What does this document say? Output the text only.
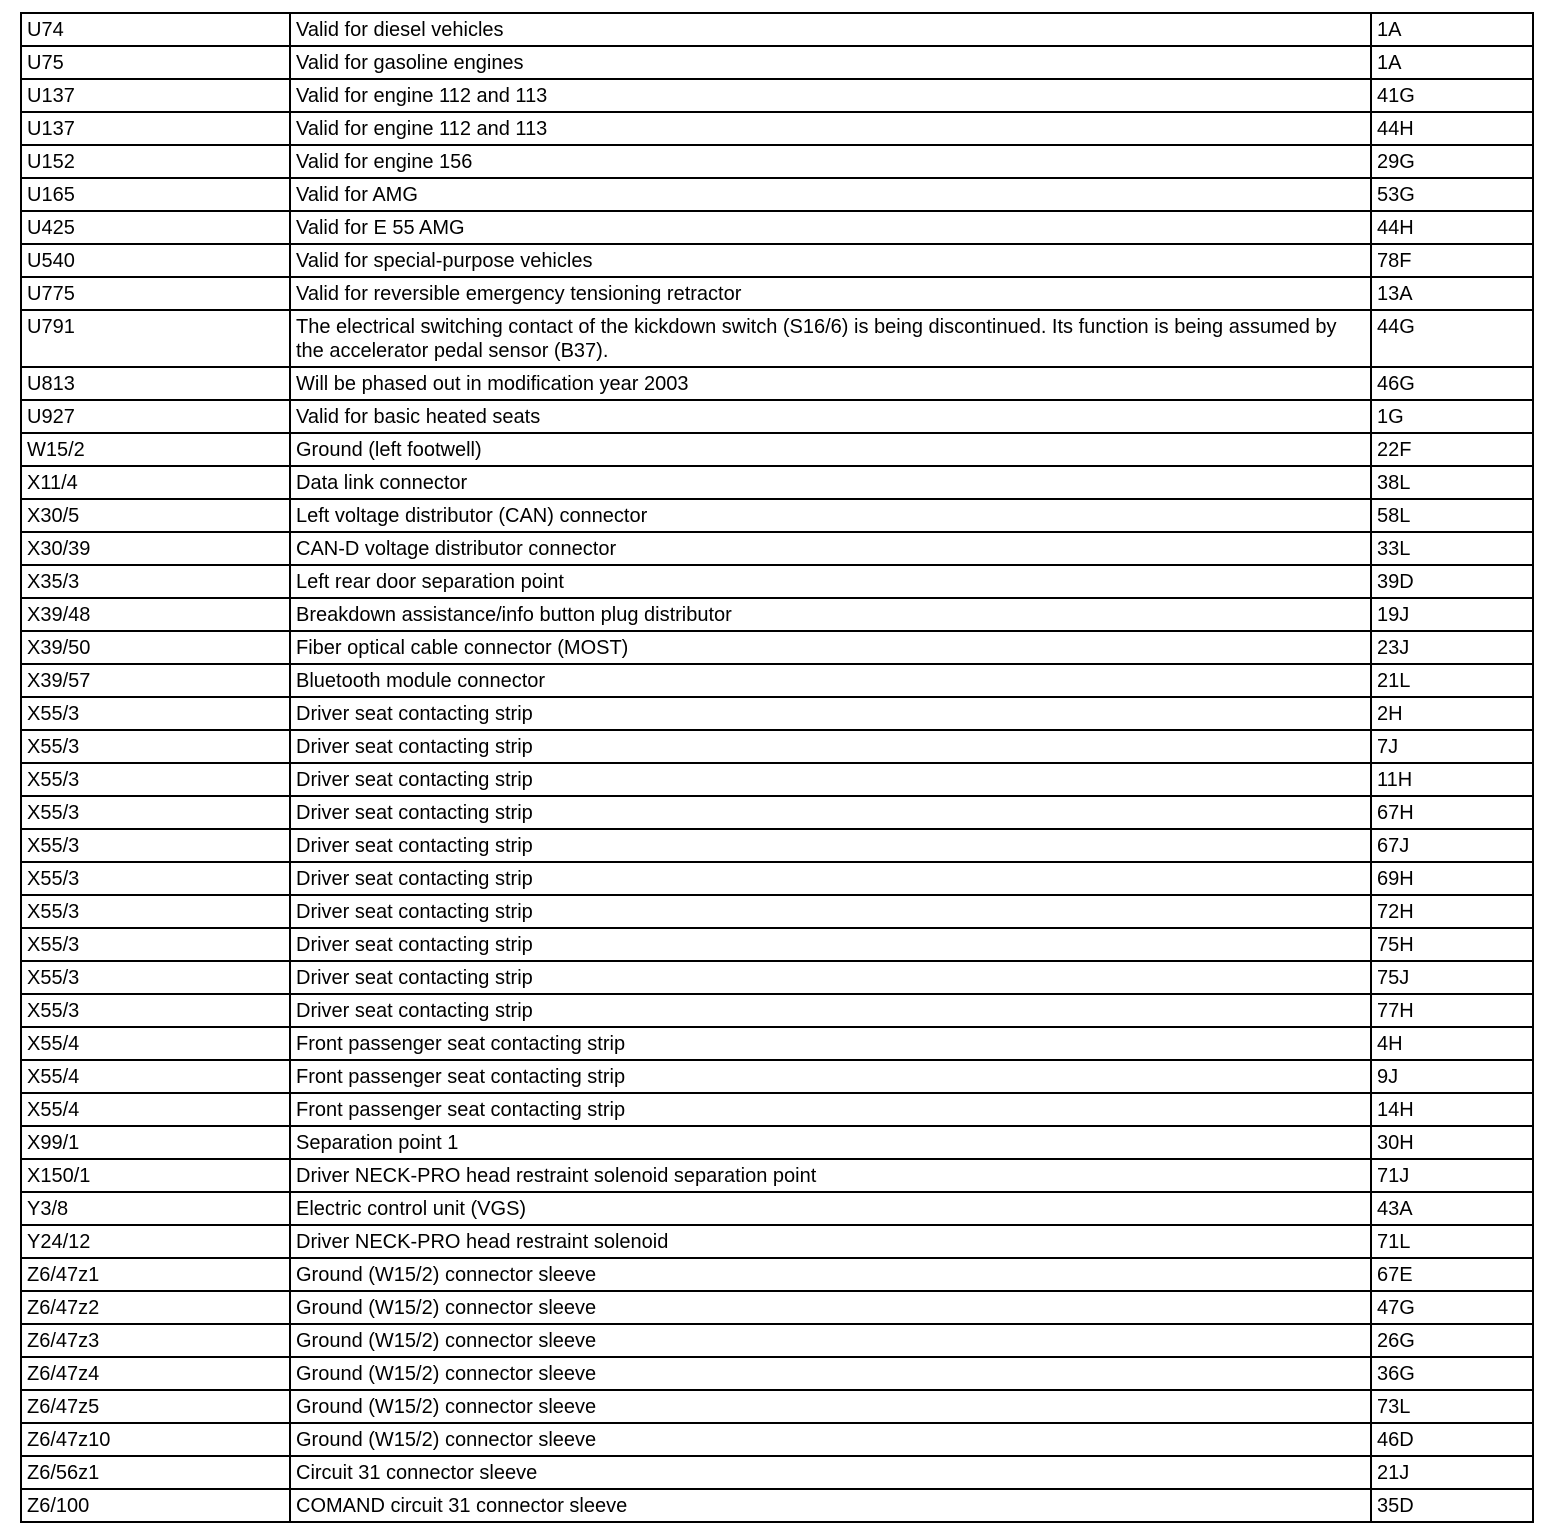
U74	Valid for diesel vehicles	1A
U75	Valid for gasoline engines	1A
U137	Valid for engine 112 and 113	41G
U137	Valid for engine 112 and 113	44H
U152	Valid for engine 156	29G
U165	Valid for AMG	53G
U425	Valid for E 55 AMG	44H
U540	Valid for special-purpose vehicles	78F
U775	Valid for reversible emergency tensioning retractor	13A
U791	The electrical switching contact of the kickdown switch (S16/6) is being discontinued. Its function is being assumed by the accelerator pedal sensor (B37).	44G
U813	Will be phased out in modification year 2003	46G
U927	Valid for basic heated seats	1G
W15/2	Ground (left footwell)	22F
X11/4	Data link connector	38L
X30/5	Left voltage distributor (CAN) connector	58L
X30/39	CAN-D voltage distributor connector	33L
X35/3	Left rear door separation point	39D
X39/48	Breakdown assistance/info button plug distributor	19J
X39/50	Fiber optical cable connector (MOST)	23J
X39/57	Bluetooth module connector	21L
X55/3	Driver seat contacting strip	2H
X55/3	Driver seat contacting strip	7J
X55/3	Driver seat contacting strip	11H
X55/3	Driver seat contacting strip	67H
X55/3	Driver seat contacting strip	67J
X55/3	Driver seat contacting strip	69H
X55/3	Driver seat contacting strip	72H
X55/3	Driver seat contacting strip	75H
X55/3	Driver seat contacting strip	75J
X55/3	Driver seat contacting strip	77H
X55/4	Front passenger seat contacting strip	4H
X55/4	Front passenger seat contacting strip	9J
X55/4	Front passenger seat contacting strip	14H
X99/1	Separation point 1	30H
X150/1	Driver NECK-PRO head restraint solenoid separation point	71J
Y3/8	Electric control unit (VGS)	43A
Y24/12	Driver NECK-PRO head restraint solenoid	71L
Z6/47z1	Ground (W15/2) connector sleeve	67E
Z6/47z2	Ground (W15/2) connector sleeve	47G
Z6/47z3	Ground (W15/2) connector sleeve	26G
Z6/47z4	Ground (W15/2) connector sleeve	36G
Z6/47z5	Ground (W15/2) connector sleeve	73L
Z6/47z10	Ground (W15/2) connector sleeve	46D
Z6/56z1	Circuit 31 connector sleeve	21J
Z6/100	COMAND circuit 31 connector sleeve	35D
